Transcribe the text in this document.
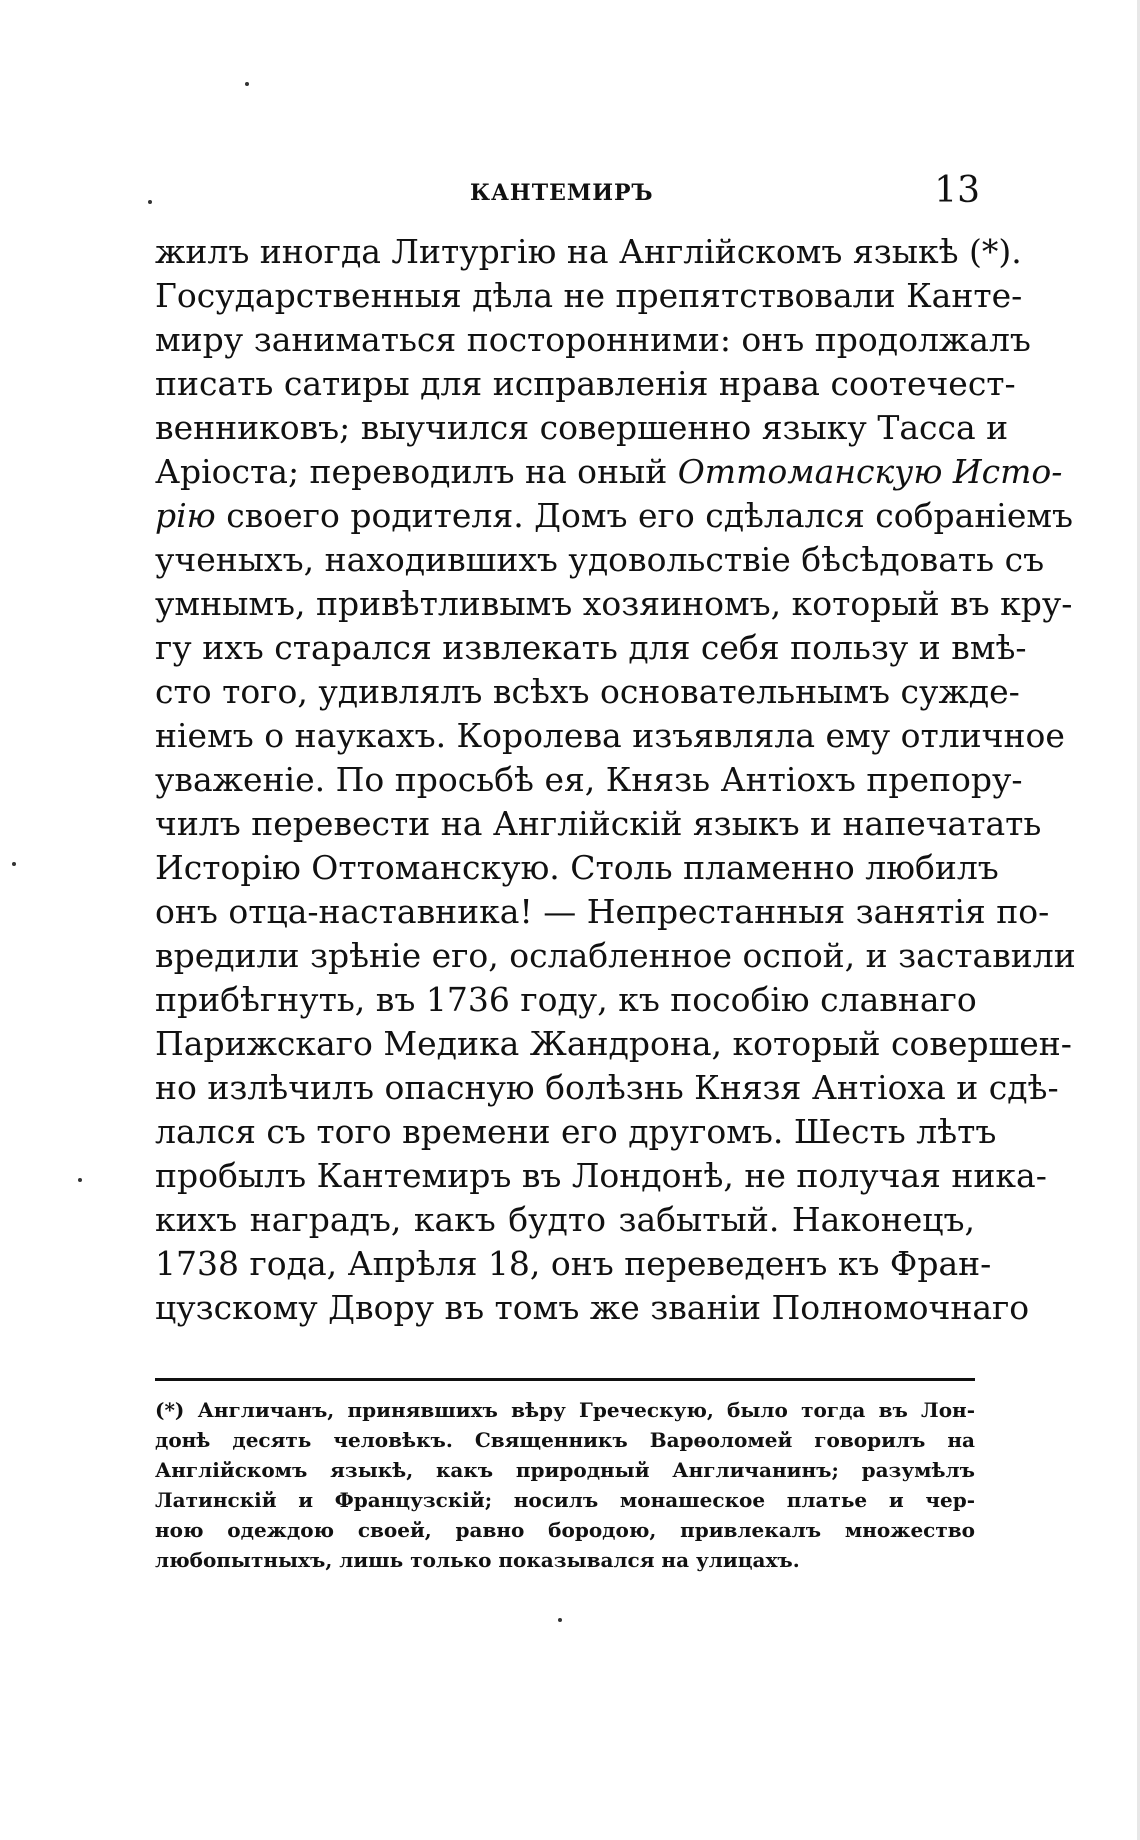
КАНТЕМИРЪ	13
жилъ иногда Литургію на Англійскомъ языкѣ (*).
Государственныя дѣла не препятствовали Канте-
миру заниматься посторонними: онъ продолжалъ
писать сатиры для исправленія нрава соотечест-
венниковъ; выучился совершенно языку Тасса и
Аріоста; переводилъ на оный Оттоманскую Исто-
рію своего родителя. Домъ его сдѣлался собраніемъ
ученыхъ, находившихъ удовольствіе бѣсѣдовать съ
умнымъ, привѣтливымъ хозяиномъ, который въ кру-
гу ихъ старался извлекать для себя пользу и вмѣ-
сто того, удивлялъ всѣхъ основательнымъ сужде-
ніемъ о наукахъ. Королева изъявляла ему отличное
уваженіе. По просьбѣ ея, Князь Антіохъ препору-
чилъ перевести на Англійскій языкъ и напечатать
Исторію Оттоманскую. Столь пламенно любилъ
онъ отца-наставника! — Непрестанныя занятія по-
вредили зрѣніе его, ослабленное оспой, и заставили
прибѣгнуть, въ 1736 году, къ пособію славнаго
Парижскаго Медика Жандрона, который совершен-
но излѣчилъ опасную болѣзнь Князя Антіоха и сдѣ-
лался съ того времени его другомъ. Шесть лѣтъ
пробылъ Кантемиръ въ Лондонѣ, не получая ника-
кихъ наградъ, какъ будто забытый. Наконецъ,
1738 года, Апрѣля 18, онъ переведенъ къ Фран-
цузскому Двору въ томъ же званіи Полномочнаго
(*) Англичанъ, принявшихъ вѣру Греческую, было тогда въ Лон-
донѣ десять человѣкъ. Священникъ Варѳоломей говорилъ на
Англійскомъ языкѣ, какъ природный Англичанинъ; разумѣлъ
Латинскій и Французскій; носилъ монашеское платье и чер-
ною одеждою своей, равно бородою, привлекалъ множество
любопытныхъ, лишь только показывался на улицахъ.
